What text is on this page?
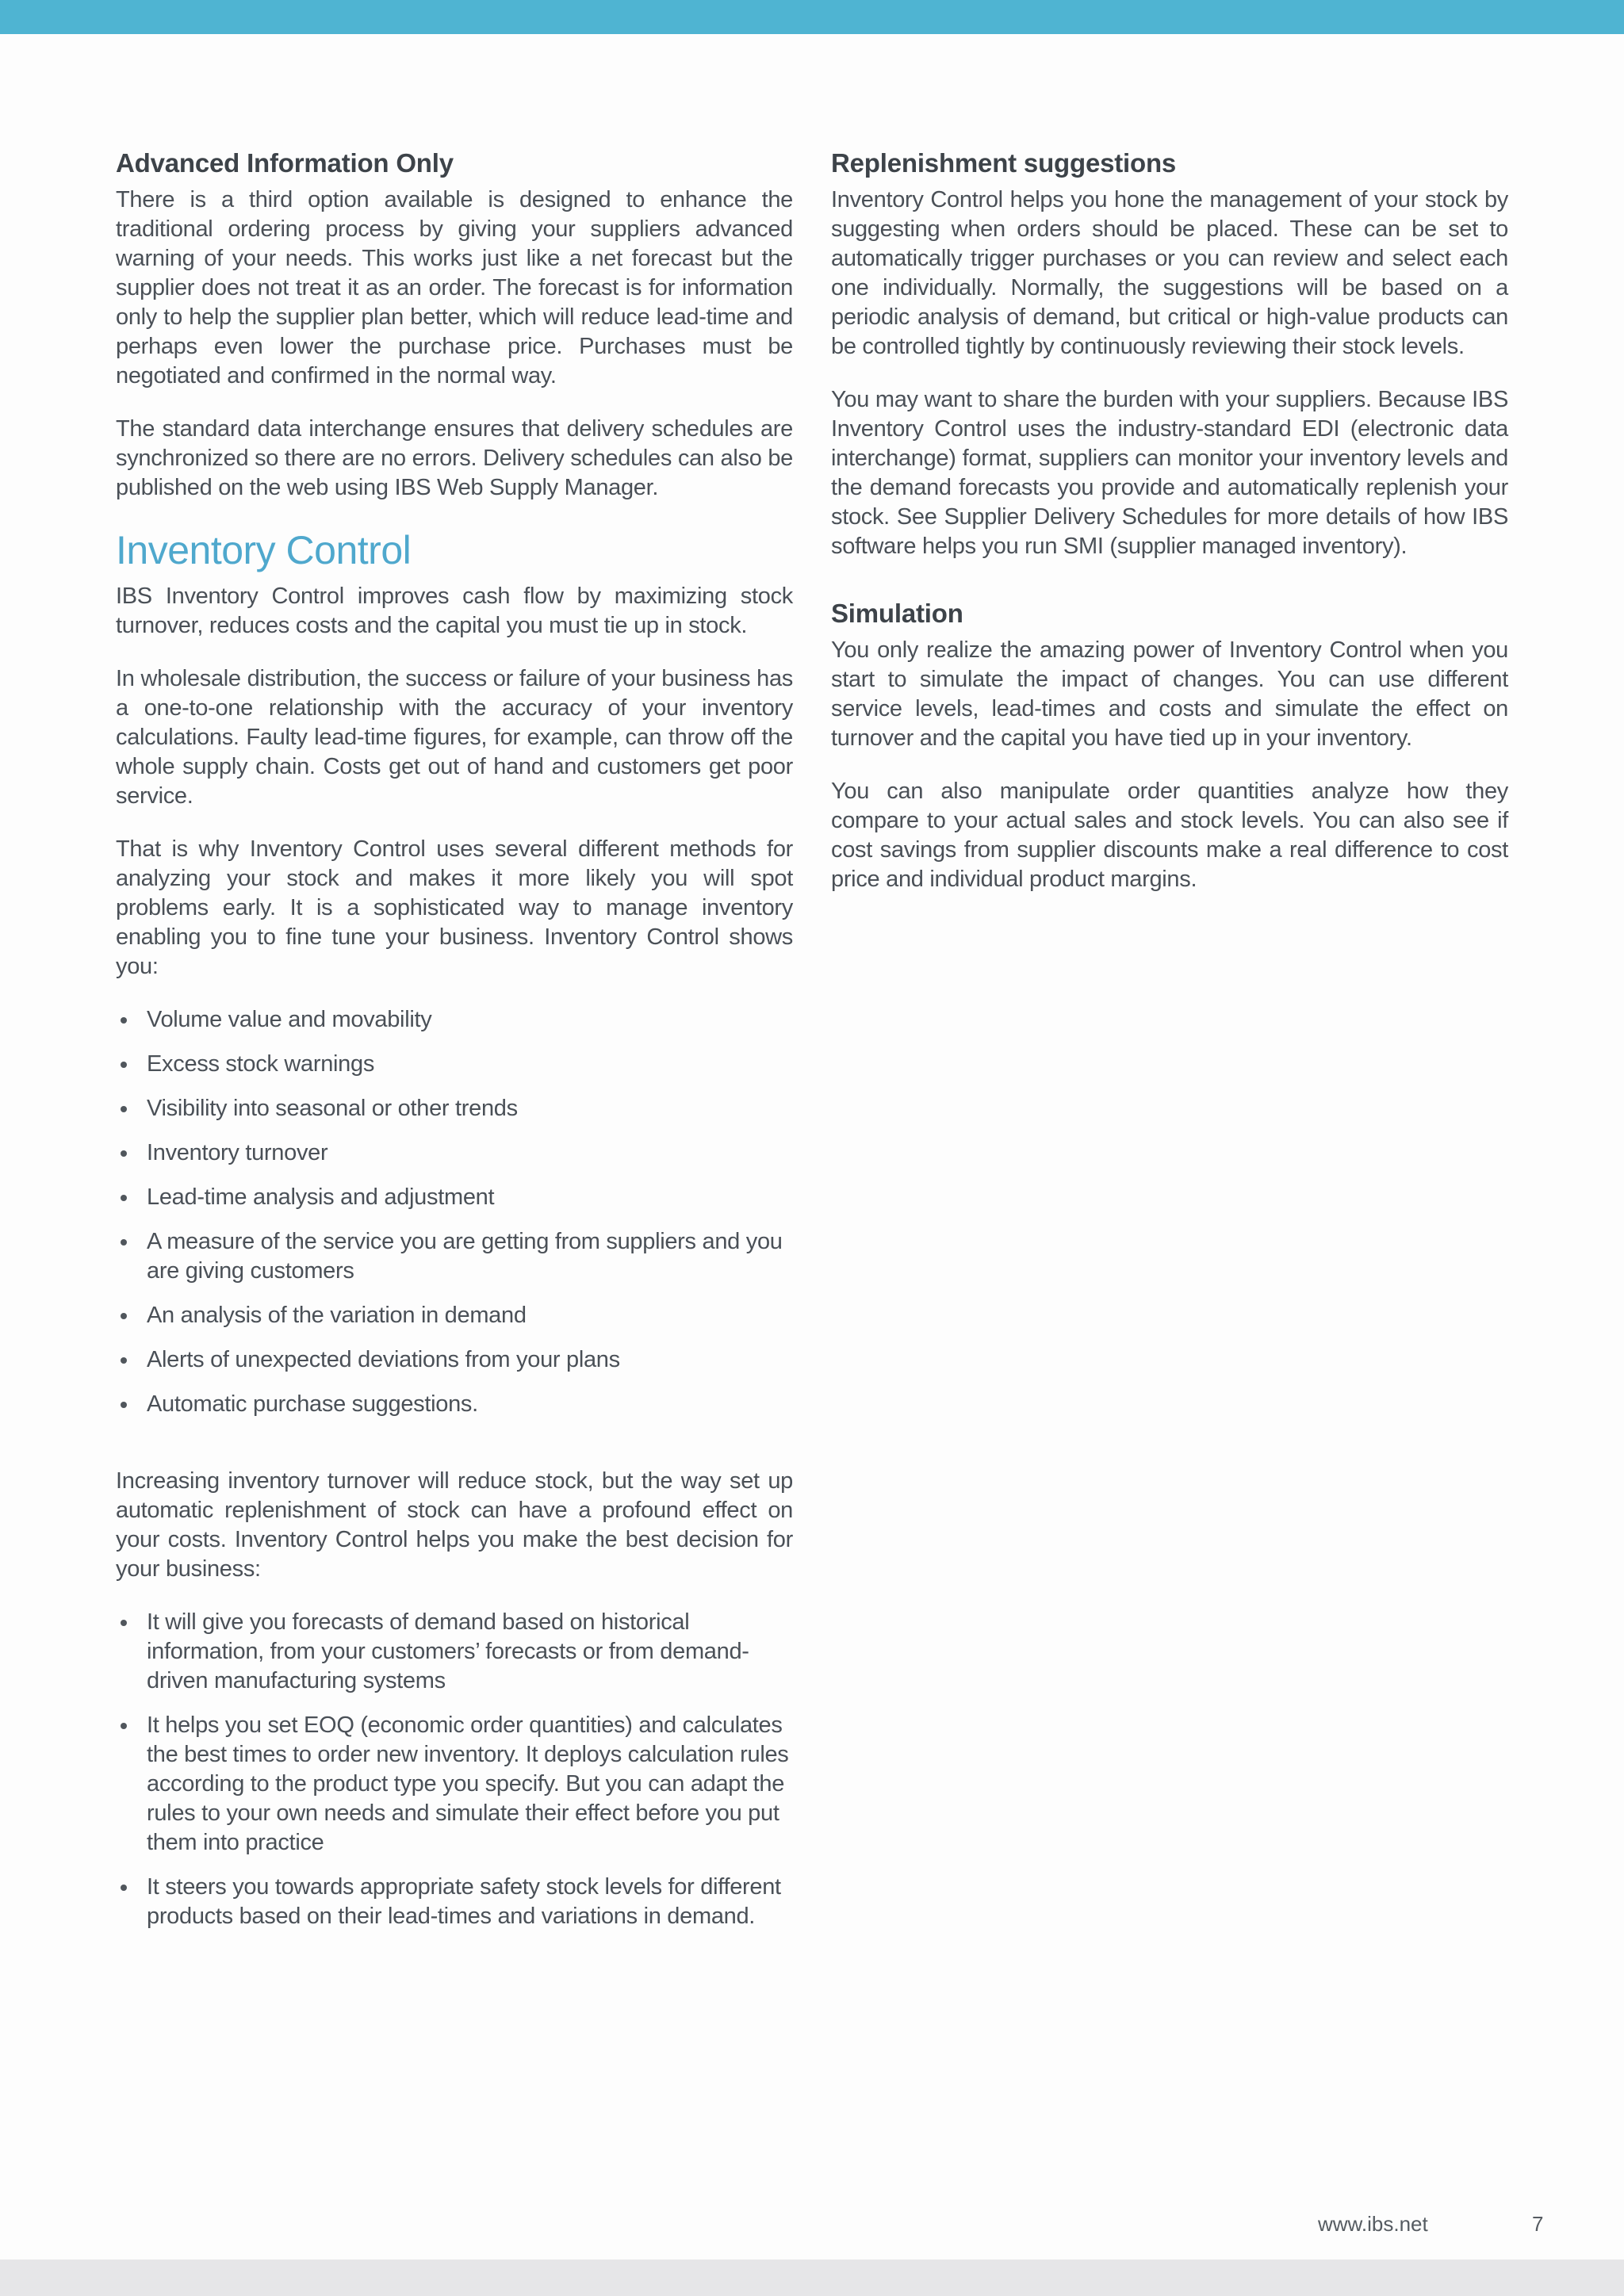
Advanced Information Only

There is a third option available is designed to enhance the traditional ordering process by giving your suppliers advanced warning of your needs. This works just like a net forecast but the supplier does not treat it as an order. The forecast is for information only to help the supplier plan better, which will reduce lead-time and perhaps even lower the purchase price. Purchases must be negotiated and confirmed in the normal way.

The standard data interchange ensures that delivery schedules are synchronized so there are no errors. Delivery schedules can also be published on the web using IBS Web Supply Manager.

Inventory Control

IBS Inventory Control improves cash flow by maximizing stock turnover, reduces costs and the capital you must tie up in stock.

In wholesale distribution, the success or failure of your business has a one-to-one relationship with the accuracy of your inventory calculations. Faulty lead-time figures, for example, can throw off the whole supply chain. Costs get out of hand and customers get poor service.

That is why Inventory Control uses several different methods for analyzing your stock and makes it more likely you will spot problems early. It is a sophisticated way to manage inventory enabling you to fine tune your business. Inventory Control shows you:

Volume value and movability
Excess stock warnings
Visibility into seasonal or other trends
Inventory turnover
Lead-time analysis and adjustment
A measure of the service you are getting from suppliers and you are giving customers
An analysis of the variation in demand
Alerts of unexpected deviations from your plans
Automatic purchase suggestions.

Increasing inventory turnover will reduce stock, but the way set up automatic replenishment of stock can have a profound effect on your costs. Inventory Control helps you make the best decision for your business:

It will give you forecasts of demand based on historical information, from your customers’ forecasts or from demand-driven manufacturing systems
It helps you set EOQ (economic order quantities) and calculates the best times to order new inventory. It deploys calculation rules according to the product type you specify. But you can adapt the rules to your own needs and simulate their effect before you put them into practice
It steers you towards appropriate safety stock levels for different products based on their lead-times and variations in demand.
Replenishment suggestions

Inventory Control helps you hone the management of your stock by suggesting when orders should be placed. These can be set to automatically trigger purchases or you can review and select each one individually. Normally, the suggestions will be based on a periodic analysis of demand, but critical or high-value products can be controlled tightly by continuously reviewing their stock levels.

You may want to share the burden with your suppliers. Because IBS Inventory Control uses the industry-standard EDI (electronic data interchange) format, suppliers can monitor your inventory levels and the demand forecasts you provide and automatically replenish your stock. See Supplier Delivery Schedules for more details of how IBS software helps you run SMI (supplier managed inventory).

Simulation

You only realize the amazing power of Inventory Control when you start to simulate the impact of changes. You can use different service levels, lead-times and costs and simulate the effect on turnover and the capital you have tied up in your inventory.

You can also manipulate order quantities analyze how they compare to your actual sales and stock levels. You can also see if cost savings from supplier discounts make a real difference to cost price and individual product margins.

www.ibs.net	7
